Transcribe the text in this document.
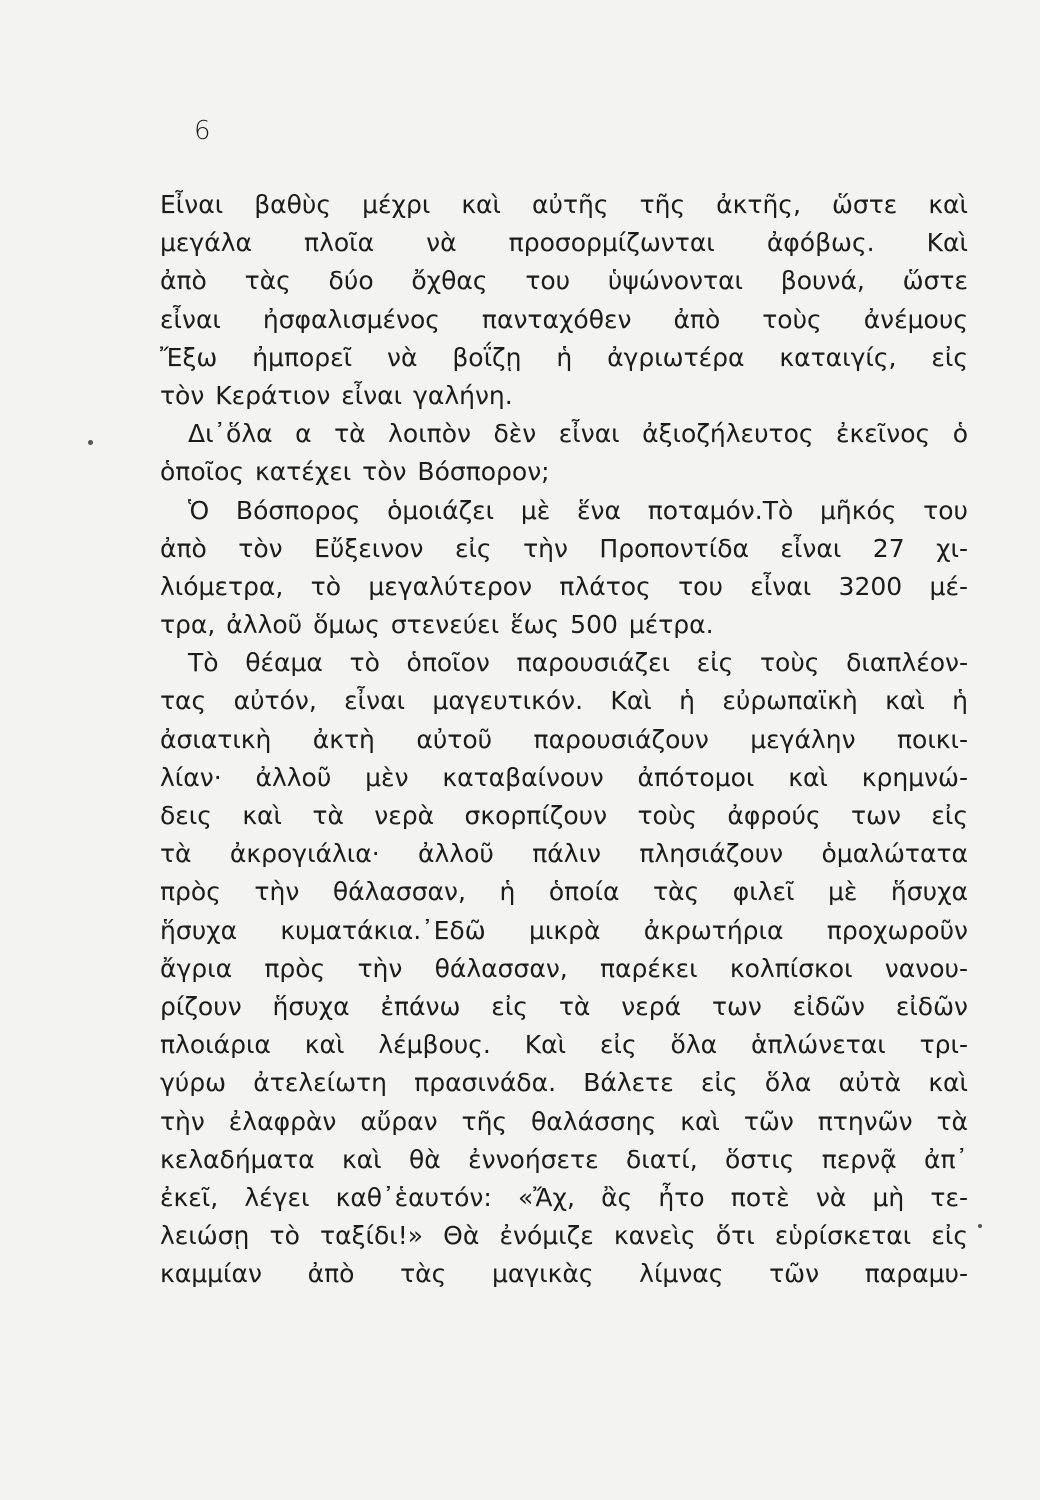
6
Εἶναι βαθὺς μέχρι καὶ αὐτῆς τῆς ἀκτῆς, ὥστε καὶ
μεγάλα πλοῖα νὰ προσορμίζωνται ἀφόβως. Καὶ
ἀπὸ τὰς δύο ὄχθας του ὑψώνονται βουνά, ὥστε
εἶναι ἠσφαλισμένος πανταχόθεν ἀπὸ τοὺς ἀνέμους
Ἔξω ἠμπορεῖ νὰ βοΐζῃ ἡ ἀγριωτέρα καταιγίς, εἰς
τὸν Κεράτιον εἶναι γαλήνη.
Δι᾽ὅλα α τὰ λοιπὸν δὲν εἶναι ἀξιοζήλευτος ἐκεῖνος ὁ
ὁποῖος κατέχει τὸν Βόσπορον;
Ὁ Βόσπορος ὁμοιάζει μὲ ἕνα ποταμόν.Τὸ μῆκός του
ἀπὸ τὸν Εὔξεινον εἰς τὴν Προποντίδα εἶναι 27 χι-
λιόμετρα, τὸ μεγαλύτερον πλάτος του εἶναι 3200 μέ-
τρα, ἀλλοῦ ὅμως στενεύει ἕως 500 μέτρα.
Τὸ θέαμα τὸ ὁποῖον παρουσιάζει εἰς τοὺς διαπλέον-
τας αὐτόν, εἶναι μαγευτικόν. Καὶ ἡ εὐρωπαϊκὴ καὶ ἡ
ἀσιατικὴ ἀκτὴ αὐτοῦ παρουσιάζουν μεγάλην ποικι-
λίαν· ἀλλοῦ μὲν καταβαίνουν ἀπότομοι καὶ κρημνώ-
δεις καὶ τὰ νερὰ σκορπίζουν τοὺς ἀφρούς των εἰς
τὰ ἀκρογιάλια· ἀλλοῦ πάλιν πλησιάζουν ὁμαλώτατα
πρὸς τὴν θάλασσαν, ἡ ὁποία τὰς φιλεῖ μὲ ἥσυχα
ἥσυχα κυματάκια.᾽Εδῶ μικρὰ ἀκρωτήρια προχωροῦν
ἄγρια πρὸς τὴν θάλασσαν, παρέκει κολπίσκοι νανου-
ρίζουν ἥσυχα ἐπάνω εἰς τὰ νερά των εἰδῶν εἰδῶν
πλοιάρια καὶ λέμβους. Καὶ εἰς ὅλα ἁπλώνεται τρι-
γύρω ἀτελείωτη πρασινάδα. Βάλετε εἰς ὅλα αὐτὰ καὶ
τὴν ἐλαφρὰν αὔραν τῆς θαλάσσης καὶ τῶν πτηνῶν τὰ
κελαδήματα καὶ θὰ ἐννοήσετε διατί, ὅστις περνᾷ ἀπ᾽
ἐκεῖ, λέγει καθ᾽ἑαυτόν: «Ἄχ, ἂς ἦτο ποτὲ νὰ μὴ τε-
λειώσῃ τὸ ταξίδι!» Θὰ ἐνόμιζε κανεὶς ὅτι εὑρίσκεται εἰς
καμμίαν ἀπὸ τὰς μαγικὰς λίμνας τῶν παραμυ-
